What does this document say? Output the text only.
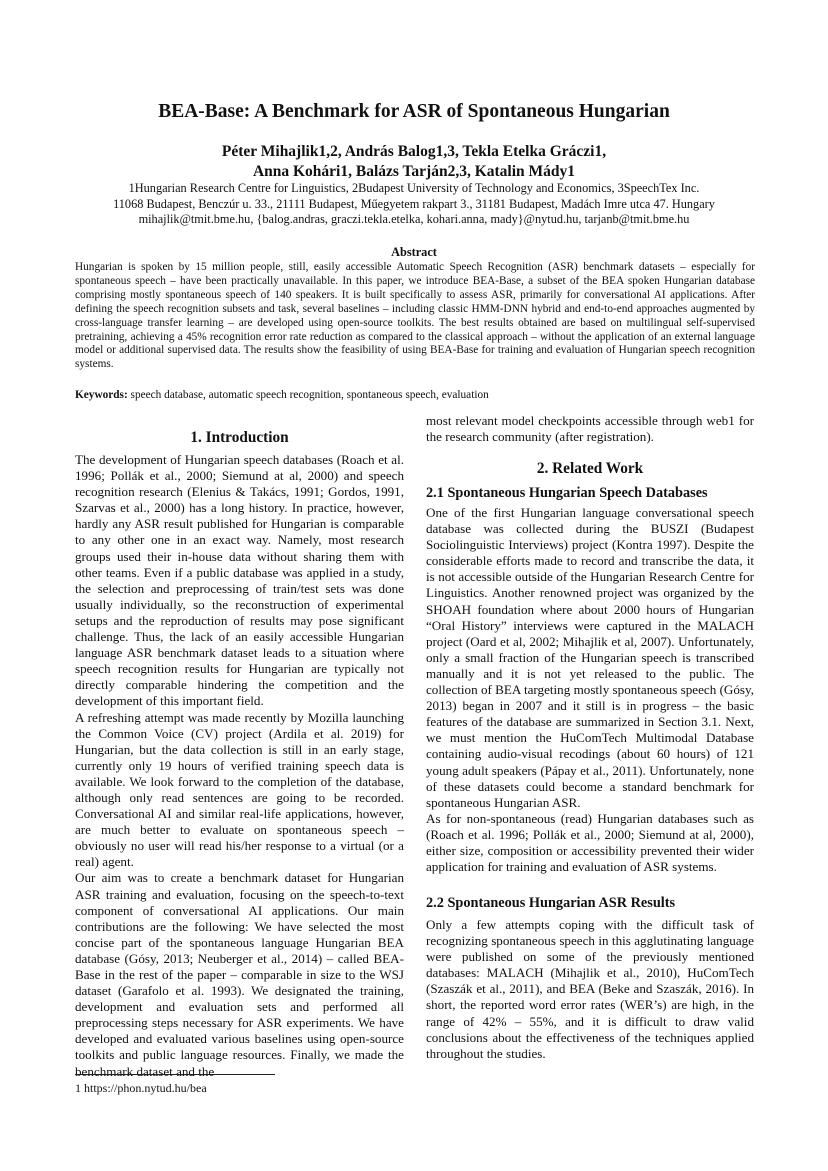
BEA-Base: A Benchmark for ASR of Spontaneous Hungarian
Péter Mihajlik1,2, András Balog1,3, Tekla Etelka Gráczi1,
Anna Kohári1, Balázs Tarján2,3, Katalin Mády1
1Hungarian Research Centre for Linguistics, 2Budapest University of Technology and Economics, 3SpeechTex Inc.
11068 Budapest, Benczúr u. 33., 21111 Budapest, Műegyetem rakpart 3., 31181 Budapest, Madách Imre utca 47. Hungary
mihajlik@tmit.bme.hu, {balog.andras, graczi.tekla.etelka, kohari.anna, mady}@nytud.hu, tarjanb@tmit.bme.hu
Abstract
Hungarian is spoken by 15 million people, still, easily accessible Automatic Speech Recognition (ASR) benchmark datasets – especially for spontaneous speech – have been practically unavailable. In this paper, we introduce BEA-Base, a subset of the BEA spoken Hungarian database comprising mostly spontaneous speech of 140 speakers. It is built specifically to assess ASR, primarily for conversational AI applications. After defining the speech recognition subsets and task, several baselines – including classic HMM-DNN hybrid and end-to-end approaches augmented by cross-language transfer learning – are developed using open-source toolkits. The best results obtained are based on multilingual self-supervised pretraining, achieving a 45% recognition error rate reduction as compared to the classical approach – without the application of an external language model or additional supervised data. The results show the feasibility of using BEA-Base for training and evaluation of Hungarian speech recognition systems.
Keywords: speech database, automatic speech recognition, spontaneous speech, evaluation
1. Introduction

The development of Hungarian speech databases (Roach et al. 1996; Pollák et al., 2000; Siemund at al, 2000) and speech recognition research (Elenius & Takács, 1991; Gordos, 1991, Szarvas et al., 2000) has a long history. In practice, however, hardly any ASR result published for Hungarian is comparable to any other one in an exact way. Namely, most research groups used their in-house data without sharing them with other teams. Even if a public database was applied in a study, the selection and preprocessing of train/test sets was done usually individually, so the reconstruction of experimental setups and the reproduction of results may pose significant challenge. Thus, the lack of an easily accessible Hungarian language ASR benchmark dataset leads to a situation where speech recognition results for Hungarian are typically not directly comparable hindering the competition and the development of this important field.

A refreshing attempt was made recently by Mozilla launching the Common Voice (CV) project (Ardila et al. 2019) for Hungarian, but the data collection is still in an early stage, currently only 19 hours of verified training speech data is available. We look forward to the completion of the database, although only read sentences are going to be recorded. Conversational AI and similar real-life applications, however, are much better to evaluate on spontaneous speech – obviously no user will read his/her response to a virtual (or a real) agent.

Our aim was to create a benchmark dataset for Hungarian ASR training and evaluation, focusing on the speech-to-text component of conversational AI applications. Our main contributions are the following: We have selected the most concise part of the spontaneous language Hungarian BEA database (Gósy, 2013; Neuberger et al., 2014) – called BEA-Base in the rest of the paper – comparable in size to the WSJ dataset (Garafolo et al. 1993). We designated the training, development and evaluation sets and performed all preprocessing steps necessary for ASR experiments. We have developed and evaluated various baselines using open-source toolkits and public language resources. Finally, we made the benchmark dataset and the

most relevant model checkpoints accessible through web1 for the research community (after registration).

2. Related Work
2.1 Spontaneous Hungarian Speech Databases

One of the first Hungarian language conversational speech database was collected during the BUSZI (Budapest Sociolinguistic Interviews) project (Kontra 1997). Despite the considerable efforts made to record and transcribe the data, it is not accessible outside of the Hungarian Research Centre for Linguistics. Another renowned project was organized by the SHOAH foundation where about 2000 hours of Hungarian “Oral History” interviews were captured in the MALACH project (Oard et al, 2002; Mihajlik et al, 2007). Unfortunately, only a small fraction of the Hungarian speech is transcribed manually and it is not yet released to the public. The collection of BEA targeting mostly spontaneous speech (Gósy, 2013) began in 2007 and it still is in progress – the basic features of the database are summarized in Section 3.1. Next, we must mention the HuComTech Multimodal Database containing audio-visual recodings (about 60 hours) of 121 young adult speakers (Pápay et al., 2011). Unfortunately, none of these datasets could become a standard benchmark for spontaneous Hungarian ASR.

As for non-spontaneous (read) Hungarian databases such as (Roach et al. 1996; Pollák et al., 2000; Siemund at al, 2000), either size, composition or accessibility prevented their wider application for training and evaluation of ASR systems.

2.2 Spontaneous Hungarian ASR Results

Only a few attempts coping with the difficult task of recognizing spontaneous speech in this agglutinating language were published on some of the previously mentioned databases: MALACH (Mihajlik et al., 2010), HuComTech (Szaszák et al., 2011), and BEA (Beke and Szaszák, 2016). In short, the reported word error rates (WER’s) are high, in the range of 42% – 55%, and it is difficult to draw valid conclusions about the effectiveness of the techniques applied throughout the studies.

1 https://phon.nytud.hu/bea
